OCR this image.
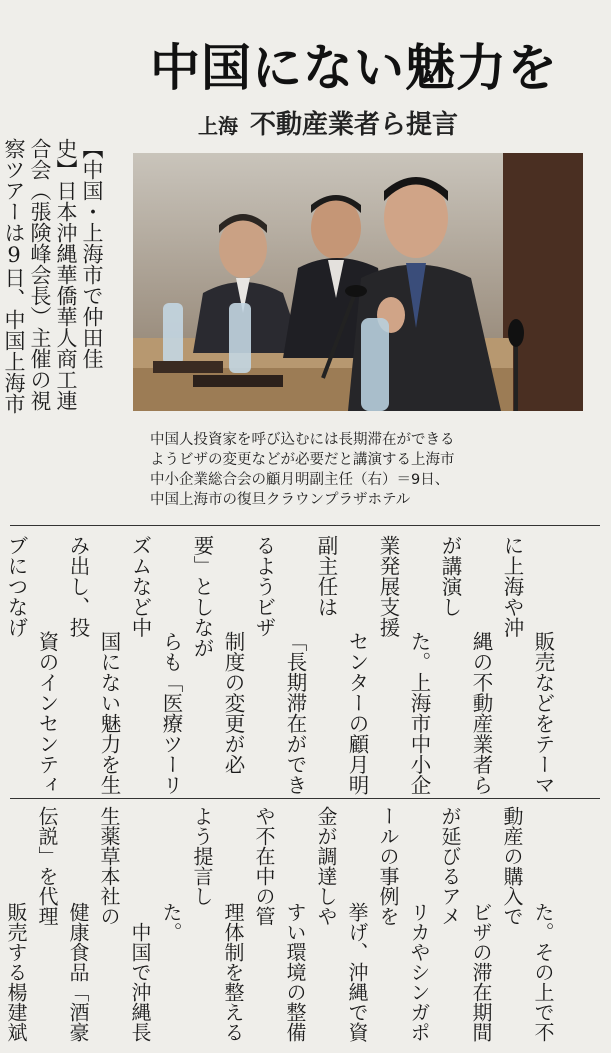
中国にない魅力を
上海 不動産業者ら提言
中国人投資家を呼び込むには長期滞在ができる
ようビザの変更などが必要だと講演する上海市
中小企業総合会の顧月明副主任（右）＝9日、
中国上海市の復旦クラウンプラザホテル

【中国・上海市で仲田佳
史】日本沖縄華僑華人商工連
合会（張険峰会長）主催の視
察ツアーは9日、中国上海市

販売などをテーマに上海や沖
縄の不動産業者らが講演し
た。上海市中小企業発展支援
センターの顧月明副主任は
「長期滞在ができるようビザ
制度の変更が必要」としなが
らも「医療ツーリズムなど中
国にない魅力を生み出し、投
資のインセンティブにつなげ

た。その上で不動産の購入で
ビザの滞在期間が延びるアメ
リカやシンガポールの事例を
挙げ、沖縄で資金が調達しや
すい環境の整備や不在中の管
理体制を整えるよう提言し
た。
　中国で沖縄長生薬草本社の
健康食品「酒豪伝説」を代理
販売する楊建斌
